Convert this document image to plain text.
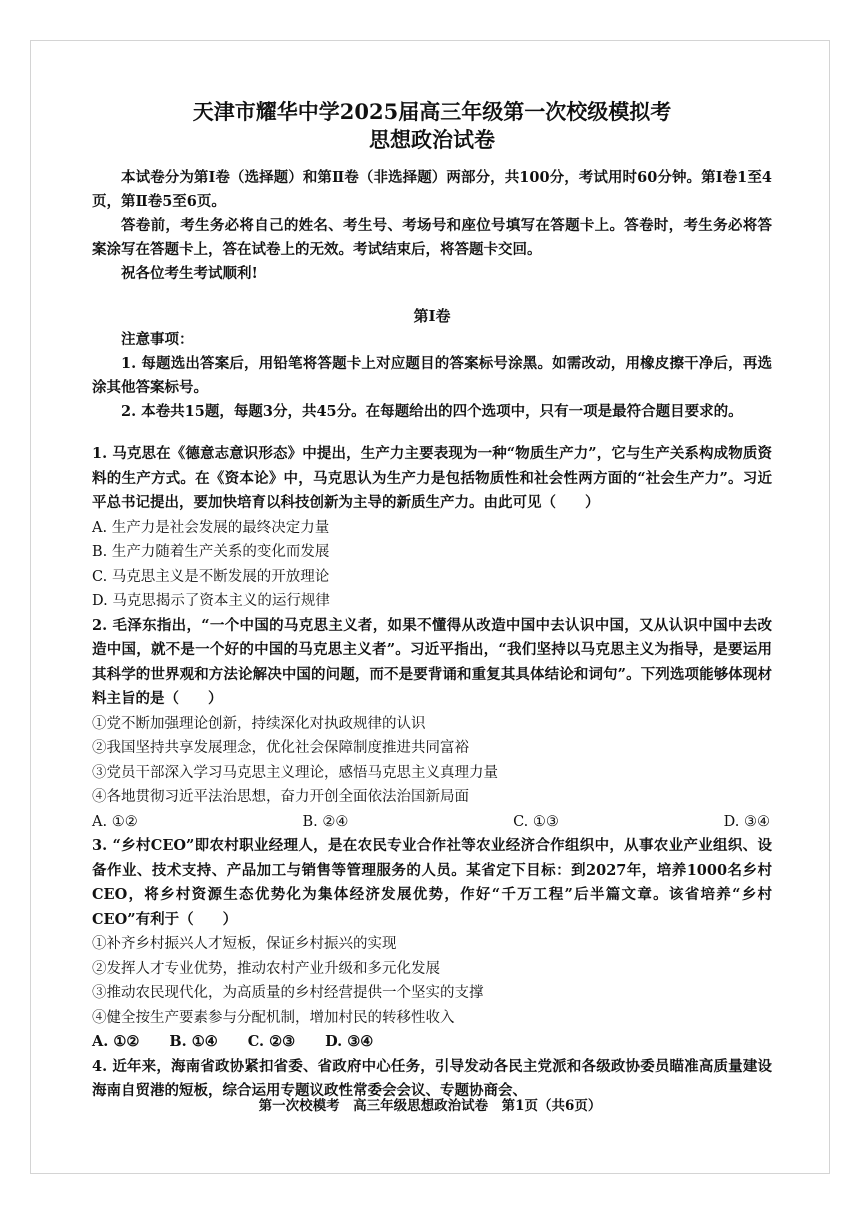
天津市耀华中学2025届高三年级第一次校级模拟考
思想政治试卷

本试卷分为第Ⅰ卷（选择题）和第Ⅱ卷（非选择题）两部分，共100分，考试用时60分钟。第Ⅰ卷1至4页，第Ⅱ卷5至6页。

答卷前，考生务必将自己的姓名、考生号、考场号和座位号填写在答题卡上。答卷时，考生务必将答案涂写在答题卡上，答在试卷上的无效。考试结束后，将答题卡交回。

祝各位考生考试顺利!

第Ⅰ卷

注意事项：

1. 每题选出答案后，用铅笔将答题卡上对应题目的答案标号涂黑。如需改动，用橡皮擦干净后，再选涂其他答案标号。

2. 本卷共15题，每题3分，共45分。在每题给出的四个选项中，只有一项是最符合题目要求的。

1. 马克思在《德意志意识形态》中提出，生产力主要表现为一种“物质生产力”，它与生产关系构成物质资料的生产方式。在《资本论》中，马克思认为生产力是包括物质性和社会性两方面的“社会生产力”。习近平总书记提出，要加快培育以科技创新为主导的新质生产力。由此可见（　　）

A. 生产力是社会发展的最终决定力量

B. 生产力随着生产关系的变化而发展

C. 马克思主义是不断发展的开放理论

D. 马克思揭示了资本主义的运行规律

2. 毛泽东指出，“一个中国的马克思主义者，如果不懂得从改造中国中去认识中国，又从认识中国中去改造中国，就不是一个好的中国的马克思主义者”。习近平指出，“我们坚持以马克思主义为指导，是要运用其科学的世界观和方法论解决中国的问题，而不是要背诵和重复其具体结论和词句”。下列选项能够体现材料主旨的是（　　）

①党不断加强理论创新，持续深化对执政规律的认识

②我国坚持共享发展理念，优化社会保障制度推进共同富裕

③党员干部深入学习马克思主义理论，感悟马克思主义真理力量

④各地贯彻习近平法治思想，奋力开创全面依法治国新局面

A. ①②	B. ②④	C. ①③	D. ③④

3. “乡村CEO”即农村职业经理人，是在农民专业合作社等农业经济合作组织中，从事农业产业组织、设备作业、技术支持、产品加工与销售等管理服务的人员。某省定下目标：到2027年，培养1000名乡村CEO，将乡村资源生态优势化为集体经济发展优势，作好“千万工程”后半篇文章。该省培养“乡村CEO”有利于（　　）

①补齐乡村振兴人才短板，保证乡村振兴的实现

②发挥人才专业优势，推动农村产业升级和多元化发展

③推动农民现代化，为高质量的乡村经营提供一个坚实的支撑

④健全按生产要素参与分配机制，增加村民的转移性收入

A. ①② B. ①④ C. ②③ D. ③④

4. 近年来，海南省政协紧扣省委、省政府中心任务，引导发动各民主党派和各级政协委员瞄准高质量建设海南自贸港的短板，综合运用专题议政性常委会会议、专题协商会、

第一次校模考　高三年级思想政治试卷　第1页（共6页）
